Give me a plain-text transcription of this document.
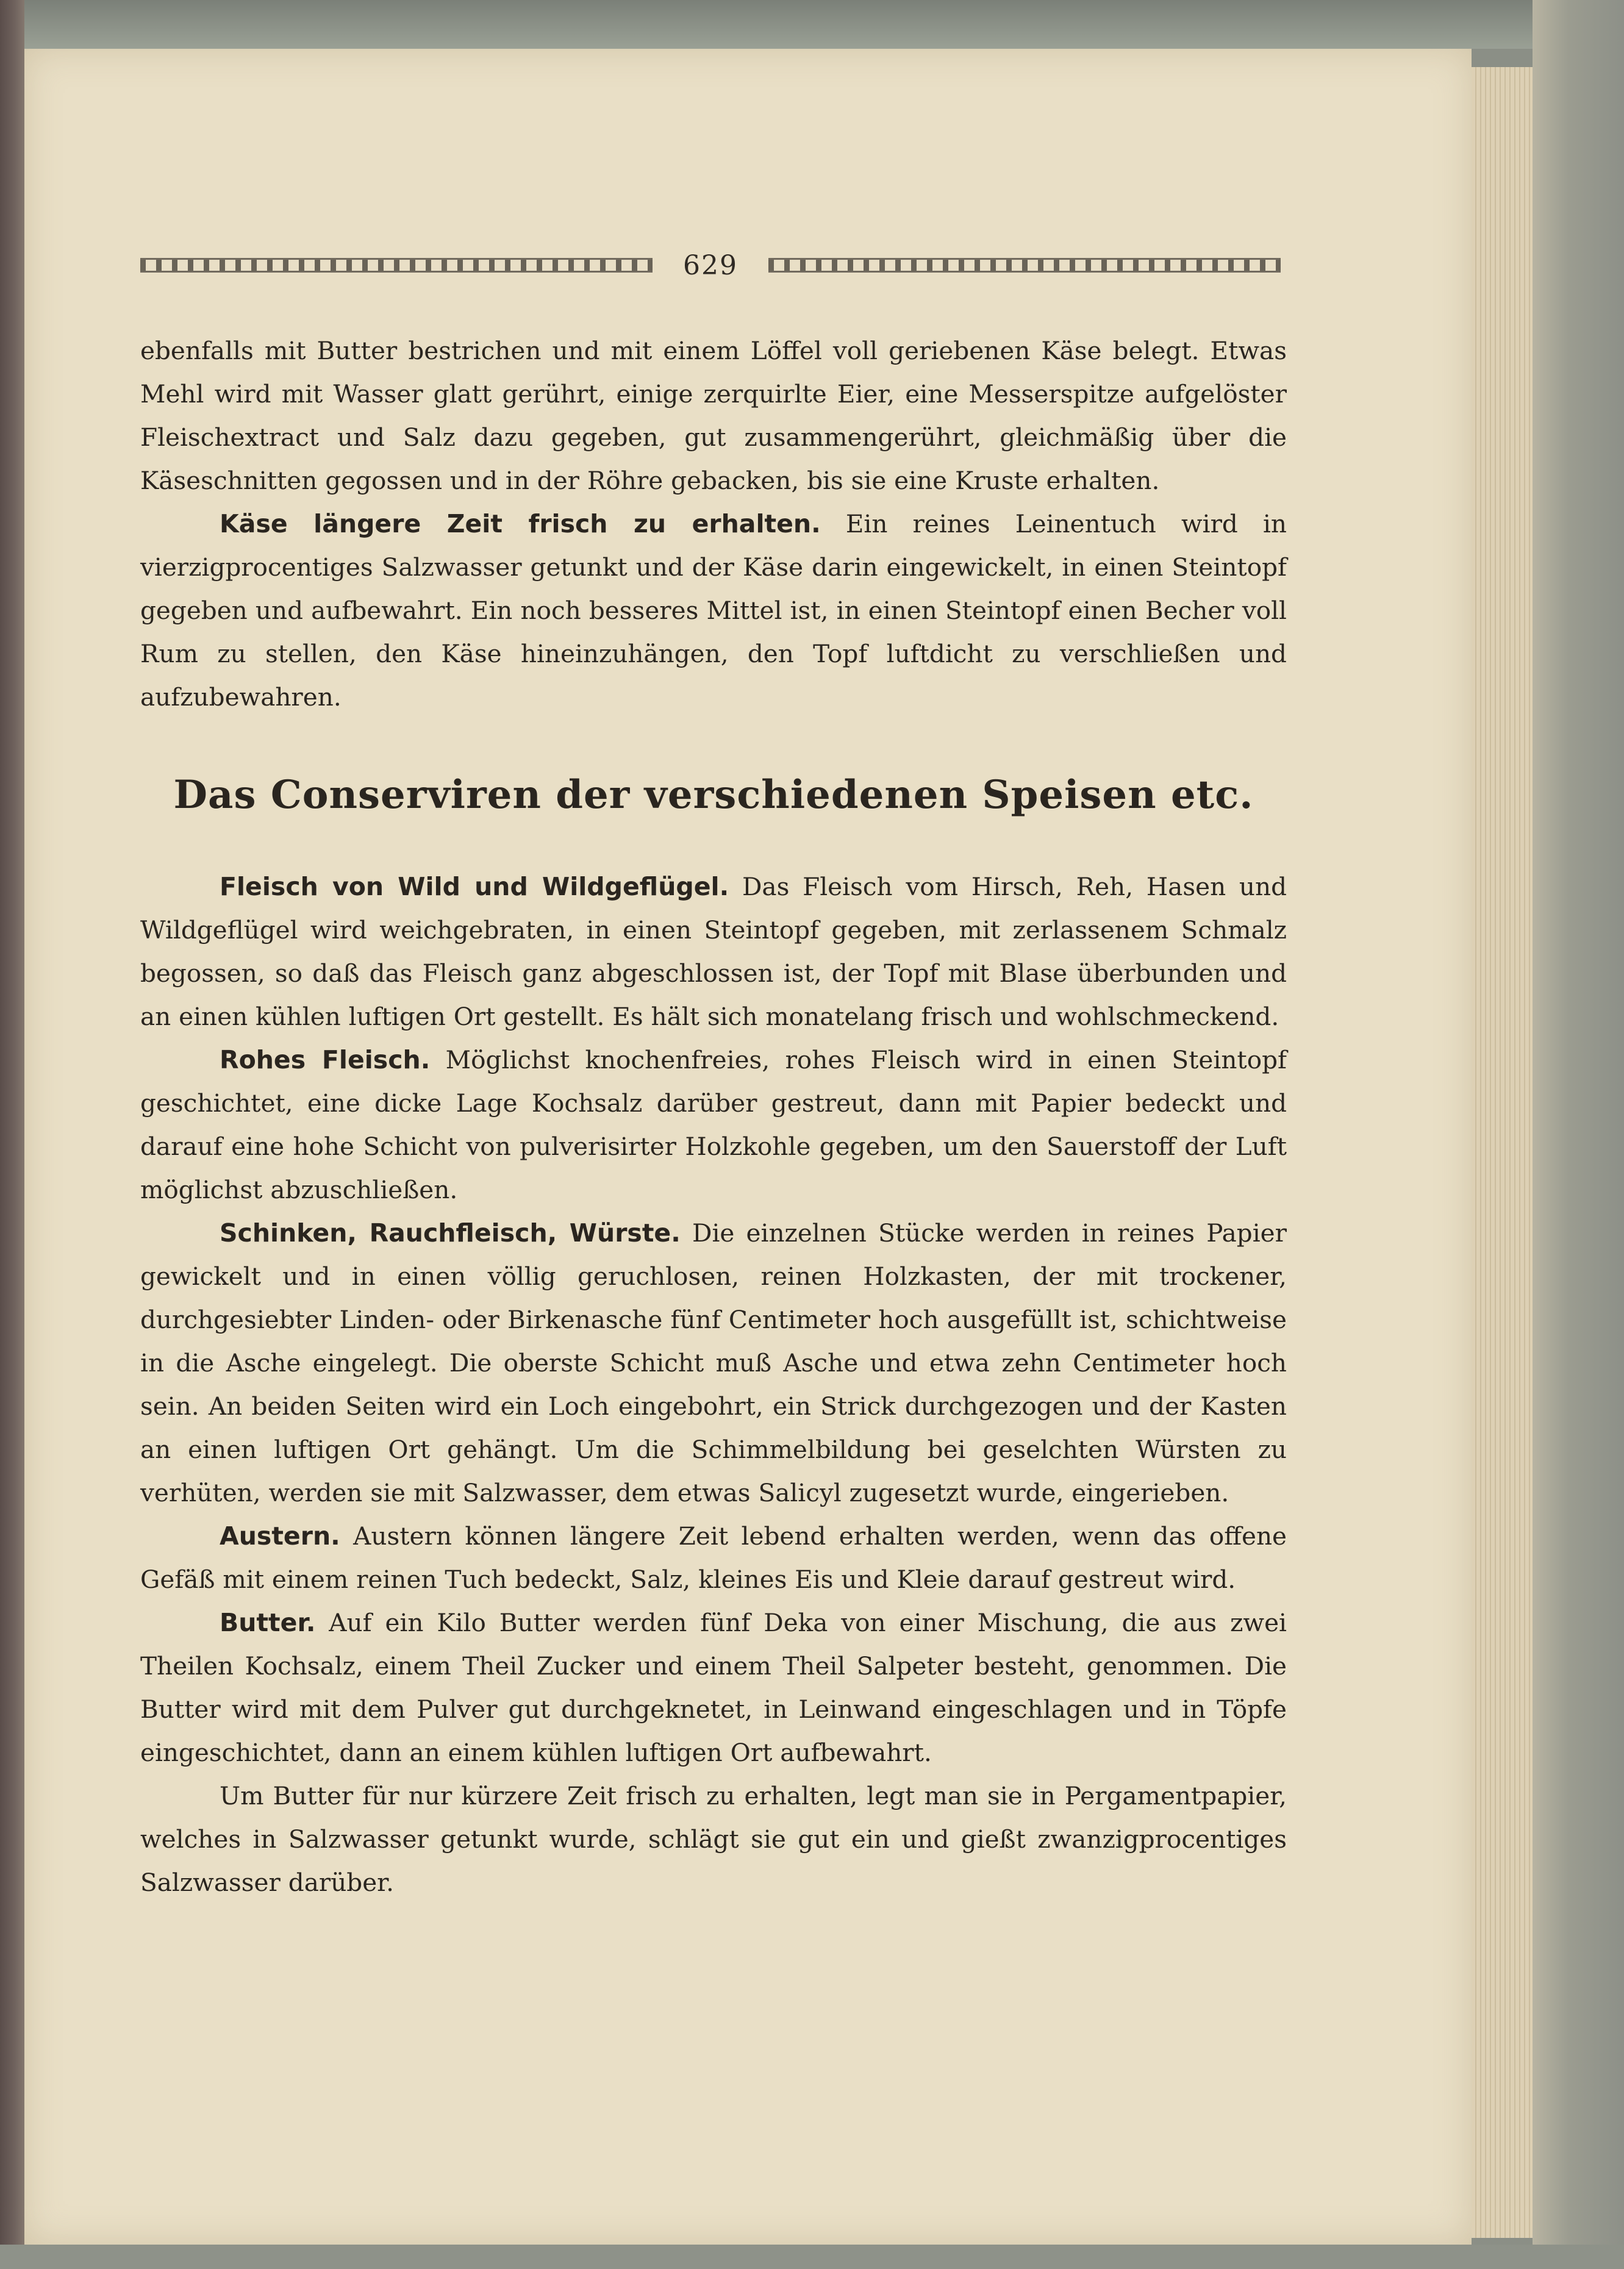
629

ebenfalls mit Butter bestrichen und mit einem Löffel voll geriebenen Käse belegt. Etwas Mehl wird mit Wasser glatt gerührt, einige zerquirlte Eier, eine Messerspitze aufgelöster Fleischextract und Salz dazu gegeben, gut zusammengerührt, gleichmäßig über die Käseschnitten gegossen und in der Röhre gebacken, bis sie eine Kruste erhalten.

Käse längere Zeit frisch zu erhalten. Ein reines Leinentuch wird in vierzigprocentiges Salzwasser getunkt und der Käse darin eingewickelt, in einen Steintopf gegeben und aufbewahrt. Ein noch besseres Mittel ist, in einen Steintopf einen Becher voll Rum zu stellen, den Käse hineinzuhängen, den Topf luftdicht zu verschließen und aufzubewahren.

Das Conserviren der verschiedenen Speisen etc.

Fleisch von Wild und Wildgeflügel. Das Fleisch vom Hirsch, Reh, Hasen und Wildgeflügel wird weichgebraten, in einen Steintopf gegeben, mit zerlassenem Schmalz begossen, so daß das Fleisch ganz abgeschlossen ist, der Topf mit Blase überbunden und an einen kühlen luftigen Ort gestellt. Es hält sich monatelang frisch und wohlschmeckend.

Rohes Fleisch. Möglichst knochenfreies, rohes Fleisch wird in einen Steintopf geschichtet, eine dicke Lage Kochsalz darüber gestreut, dann mit Papier bedeckt und darauf eine hohe Schicht von pulverisirter Holzkohle gegeben, um den Sauerstoff der Luft möglichst abzuschließen.

Schinken, Rauchfleisch, Würste. Die einzelnen Stücke werden in reines Papier gewickelt und in einen völlig geruchlosen, reinen Holzkasten, der mit trockener, durchgesiebter Linden- oder Birkenasche fünf Centimeter hoch ausgefüllt ist, schichtweise in die Asche eingelegt. Die oberste Schicht muß Asche und etwa zehn Centimeter hoch sein. An beiden Seiten wird ein Loch eingebohrt, ein Strick durchgezogen und der Kasten an einen luftigen Ort gehängt. Um die Schimmelbildung bei geselchten Würsten zu verhüten, werden sie mit Salzwasser, dem etwas Salicyl zugesetzt wurde, eingerieben.

Austern. Austern können längere Zeit lebend erhalten werden, wenn das offene Gefäß mit einem reinen Tuch bedeckt, Salz, kleines Eis und Kleie darauf gestreut wird.

Butter. Auf ein Kilo Butter werden fünf Deka von einer Mischung, die aus zwei Theilen Kochsalz, einem Theil Zucker und einem Theil Salpeter besteht, genommen. Die Butter wird mit dem Pulver gut durchgeknetet, in Leinwand eingeschlagen und in Töpfe eingeschichtet, dann an einem kühlen luftigen Ort aufbewahrt.

Um Butter für nur kürzere Zeit frisch zu erhalten, legt man sie in Pergamentpapier, welches in Salzwasser getunkt wurde, schlägt sie gut ein und gießt zwanzigprocentiges Salzwasser darüber.
